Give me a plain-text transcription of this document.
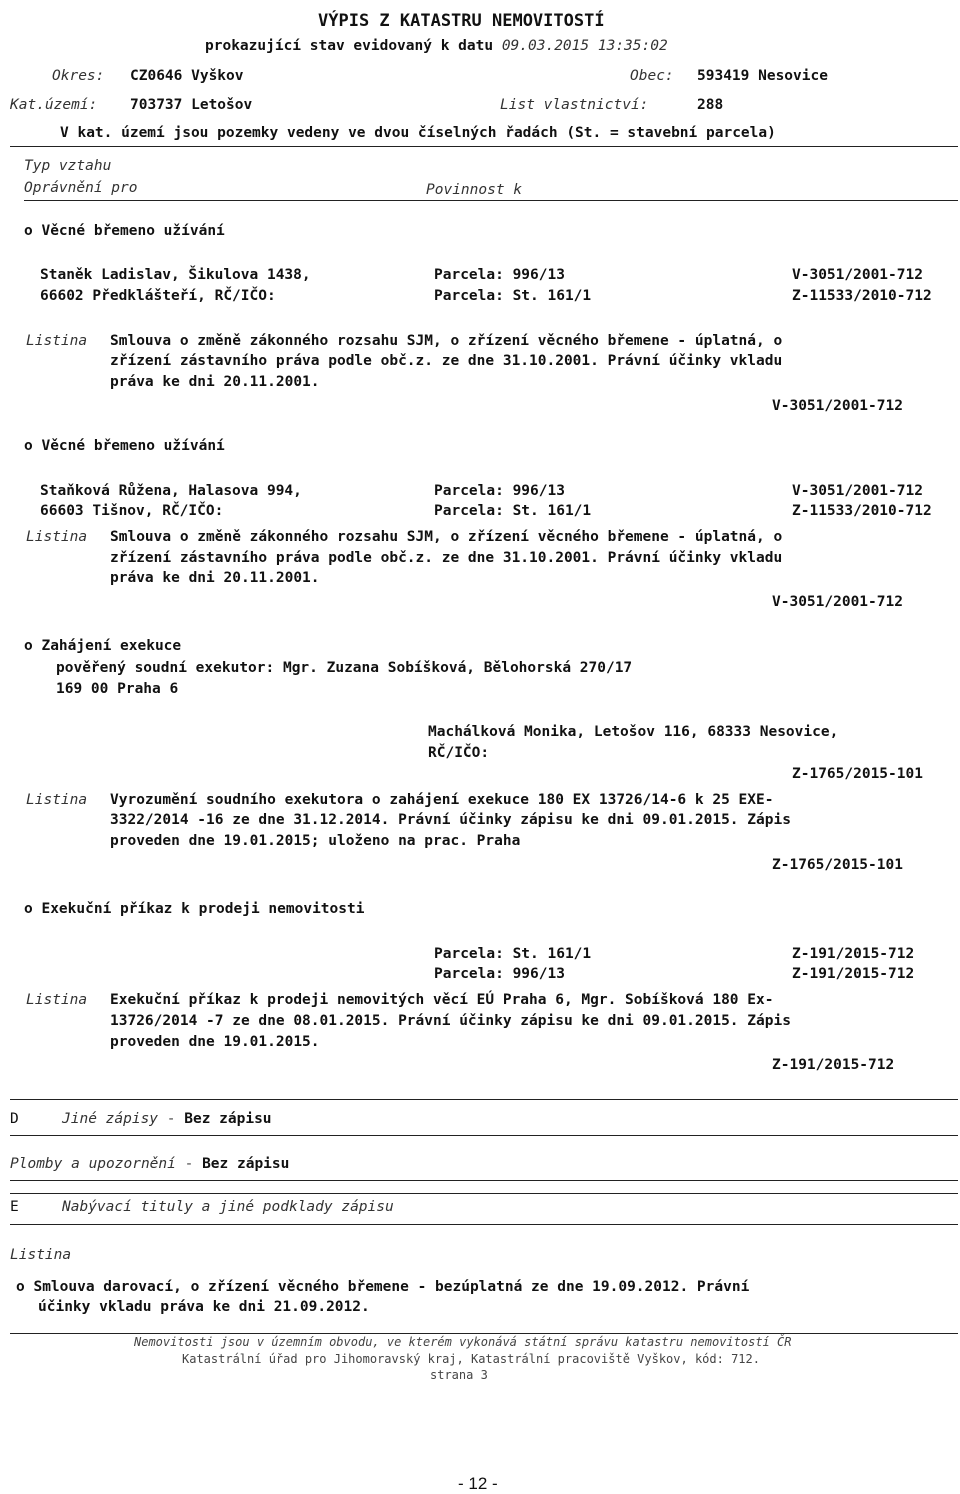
VÝPIS Z KATASTRU NEMOVITOSTÍ
prokazující stav evidovaný k datu 09.03.2015 13:35:02
Okres: CZ0646 Vyškov	Obec: 593419 Nesovice
Kat.území: 703737 Letošov	List vlastnictví:	288
V kat. území jsou pozemky vedeny ve dvou číselných řadách (St. = stavební parcela)
Typ vztahu
Oprávnění pro	Povinnost k
o Věcné břemeno užívání
Staněk Ladislav, Šikulova 1438,	Parcela: 996/13	V-3051/2001-712
66602 Předklášteří, RČ/IČO:	Parcela: St. 161/1	Z-11533/2010-712
Listina Smlouva o změně zákonného rozsahu SJM, o zřízení věcného břemene - úplatná, o
zřízení zástavního práva podle obč.z. ze dne 31.10.2001. Právní účinky vkladu
práva ke dni 20.11.2001.
V-3051/2001-712
o Věcné břemeno užívání
Staňková Růžena, Halasova 994,	Parcela: 996/13	V-3051/2001-712
66603 Tišnov, RČ/IČO:	Parcela: St. 161/1	Z-11533/2010-712
Listina Smlouva o změně zákonného rozsahu SJM, o zřízení věcného břemene - úplatná, o
zřízení zástavního práva podle obč.z. ze dne 31.10.2001. Právní účinky vkladu
práva ke dni 20.11.2001.
V-3051/2001-712
o Zahájení exekuce
pověřený soudní exekutor: Mgr. Zuzana Sobíšková, Bělohorská 270/17
169 00 Praha 6
Machálková Monika, Letošov 116, 68333 Nesovice,
RČ/IČO:
Z-1765/2015-101
Listina Vyrozumění soudního exekutora o zahájení exekuce 180 EX 13726/14-6 k 25 EXE-
3322/2014 -16 ze dne 31.12.2014. Právní účinky zápisu ke dni 09.01.2015. Zápis
proveden dne 19.01.2015; uloženo na prac. Praha
Z-1765/2015-101
o Exekuční příkaz k prodeji nemovitosti
Parcela: St. 161/1	Z-191/2015-712
Parcela: 996/13	Z-191/2015-712
Listina Exekuční příkaz k prodeji nemovitých věcí EÚ Praha 6, Mgr. Sobíšková 180 Ex-
13726/2014 -7 ze dne 08.01.2015. Právní účinky zápisu ke dni 09.01.2015. Zápis
proveden dne 19.01.2015.
Z-191/2015-712
D	Jiné zápisy - Bez zápisu
Plomby a upozornění - Bez zápisu
E	Nabývací tituly a jiné podklady zápisu
Listina
o Smlouva darovací, o zřízení věcného břemene - bezúplatná ze dne 19.09.2012. Právní
účinky vkladu práva ke dni 21.09.2012.
Nemovitosti jsou v územním obvodu, ve kterém vykonává státní správu katastru nemovitostí ČR
Katastrální úřad pro Jihomoravský kraj, Katastrální pracoviště Vyškov, kód: 712.
strana 3
- 12 -
